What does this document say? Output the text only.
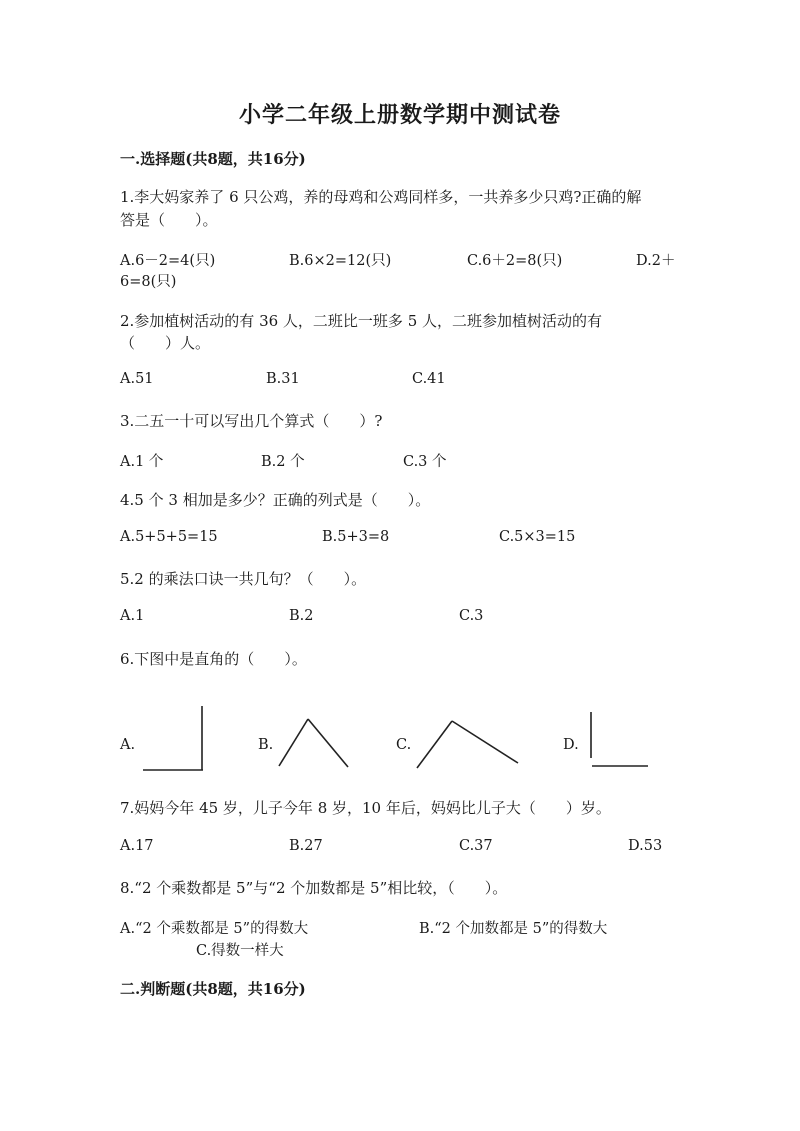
小学二年级上册数学期中测试卷
一.选择题(共8题，共16分)
1.李大妈家养了 6 只公鸡，养的母鸡和公鸡同样多，一共养多少只鸡?正确的解
答是（　　）。
A.6－2=4(只)	B.6×2=12(只)	C.6＋2=8(只)	D.2＋
6=8(只)
2.参加植树活动的有 36 人，二班比一班多 5 人，二班参加植树活动的有
（　　）人。
A.51	B.31	C.41
3.二五一十可以写出几个算式（　　）?
A.1 个	B.2 个	C.3 个
4.5 个 3 相加是多少？正确的列式是（　　）。
A.5+5+5=15	B.5+3=8	C.5×3=15
5.2 的乘法口诀一共几句？（　　）。
A.1	B.2	C.3
6.下图中是直角的（　　）。
A.	B.	C.	D.
7.妈妈今年 45 岁，儿子今年 8 岁，10 年后，妈妈比儿子大（　　）岁。
A.17	B.27	C.37	D.53
8.“2 个乘数都是 5”与“2 个加数都是 5”相比较，（　　）。
A.“2 个乘数都是 5”的得数大	B.“2 个加数都是 5”的得数大
C.得数一样大
二.判断题(共8题，共16分)
